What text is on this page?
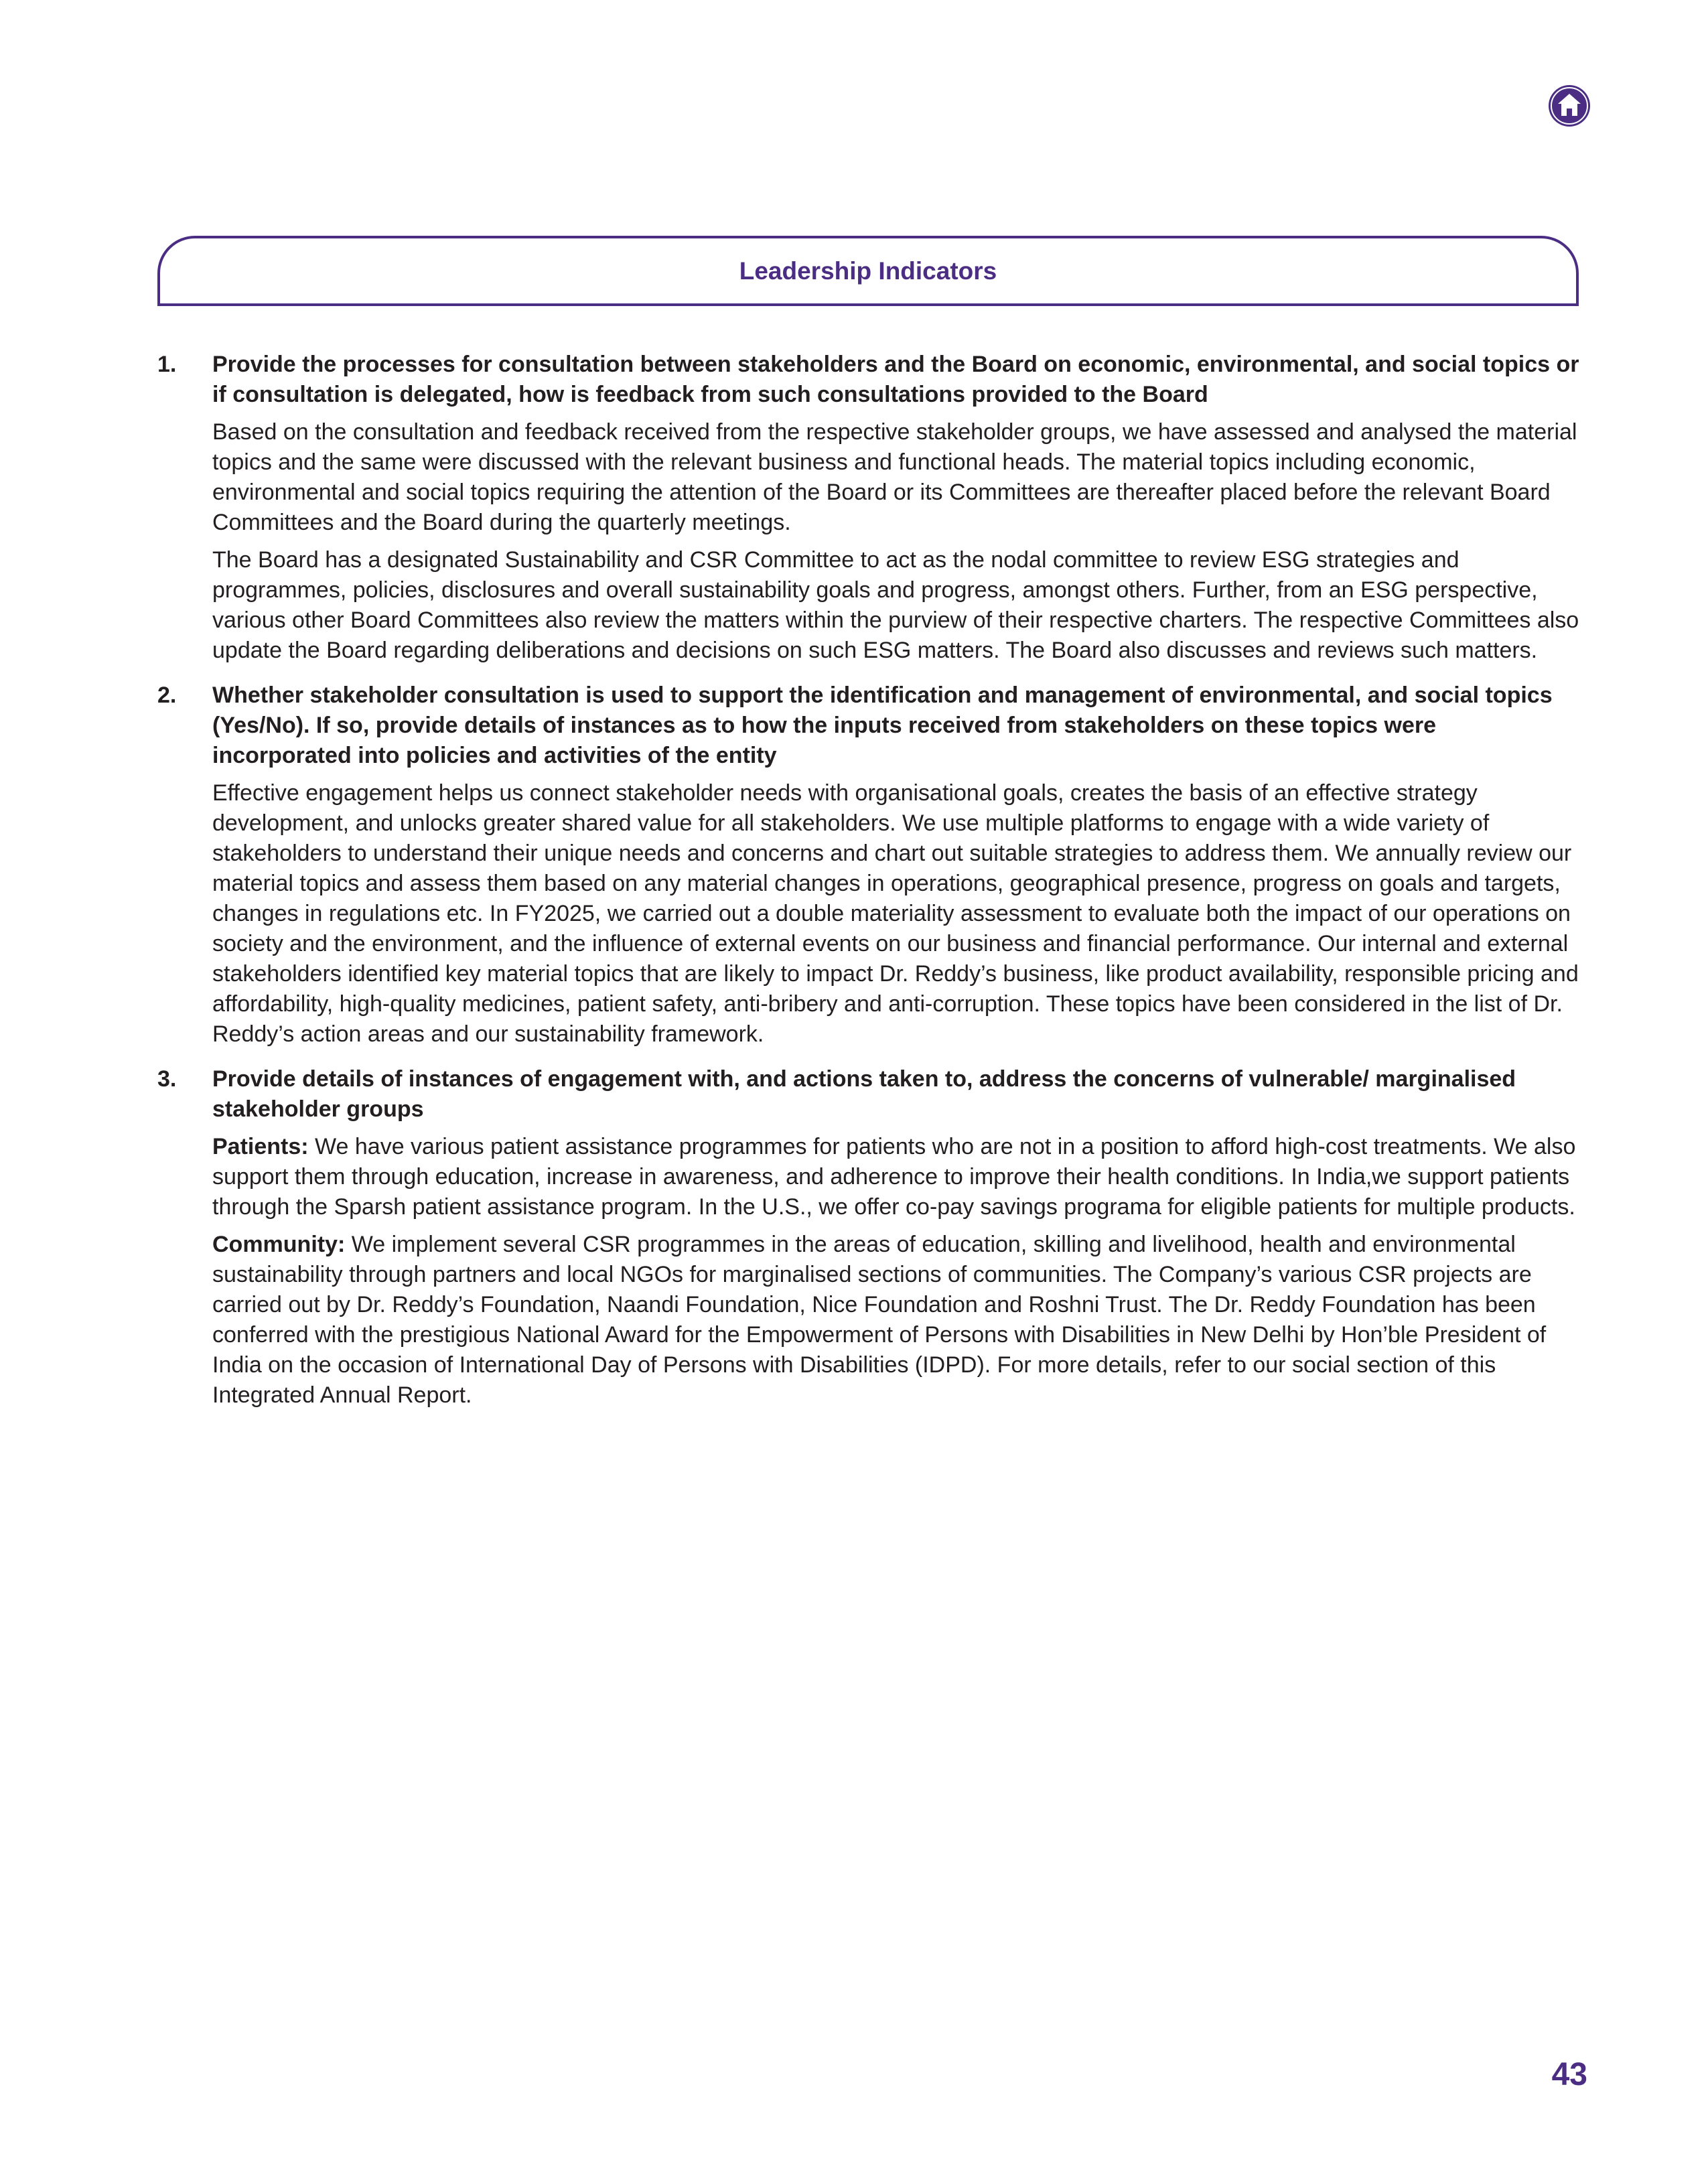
Leadership Indicators
1. Provide the processes for consultation between stakeholders and the Board on economic, environmental, and social topics or if consultation is delegated, how is feedback from such consultations provided to the Board

Based on the consultation and feedback received from the respective stakeholder groups, we have assessed and analysed the material topics and the same were discussed with the relevant business and functional heads. The material topics including economic, environmental and social topics requiring the attention of the Board or its Committees are thereafter placed before the relevant Board Committees and the Board during the quarterly meetings.

The Board has a designated Sustainability and CSR Committee to act as the nodal committee to review ESG strategies and programmes, policies, disclosures and overall sustainability goals and progress, amongst others. Further, from an ESG perspective, various other Board Committees also review the matters within the purview of their respective charters. The respective Committees also update the Board regarding deliberations and decisions on such ESG matters. The Board also discusses and reviews such matters.

2. Whether stakeholder consultation is used to support the identification and management of environmental, and social topics (Yes/No). If so, provide details of instances as to how the inputs received from stakeholders on these topics were incorporated into policies and activities of the entity

Effective engagement helps us connect stakeholder needs with organisational goals, creates the basis of an effective strategy development, and unlocks greater shared value for all stakeholders. We use multiple platforms to engage with a wide variety of stakeholders to understand their unique needs and concerns and chart out suitable strategies to address them. We annually review our material topics and assess them based on any material changes in operations, geographical presence, progress on goals and targets, changes in regulations etc. In FY2025, we carried out a double materiality assessment to evaluate both the impact of our operations on society and the environment, and the influence of external events on our business and financial performance. Our internal and external stakeholders identified key material topics that are likely to impact Dr. Reddy’s business, like product availability, responsible pricing and affordability, high-quality medicines, patient safety, anti-bribery and anti-corruption. These topics have been considered in the list of Dr. Reddy’s action areas and our sustainability framework.

3. Provide details of instances of engagement with, and actions taken to, address the concerns of vulnerable/ marginalised stakeholder groups

Patients: We have various patient assistance programmes for patients who are not in a position to afford high-cost treatments. We also support them through education, increase in awareness, and adherence to improve their health conditions. In India,we support patients through the Sparsh patient assistance program. In the U.S., we offer co-pay savings programa for eligible patients for multiple products.

Community: We implement several CSR programmes in the areas of education, skilling and livelihood, health and environmental sustainability through partners and local NGOs for marginalised sections of communities. The Company’s various CSR projects are carried out by Dr. Reddy’s Foundation, Naandi Foundation, Nice Foundation and Roshni Trust. The Dr. Reddy Foundation has been conferred with the prestigious National Award for the Empowerment of Persons with Disabilities in New Delhi by Hon’ble President of India on the occasion of International Day of Persons with Disabilities (IDPD). For more details, refer to our social section of this Integrated Annual Report.

43
